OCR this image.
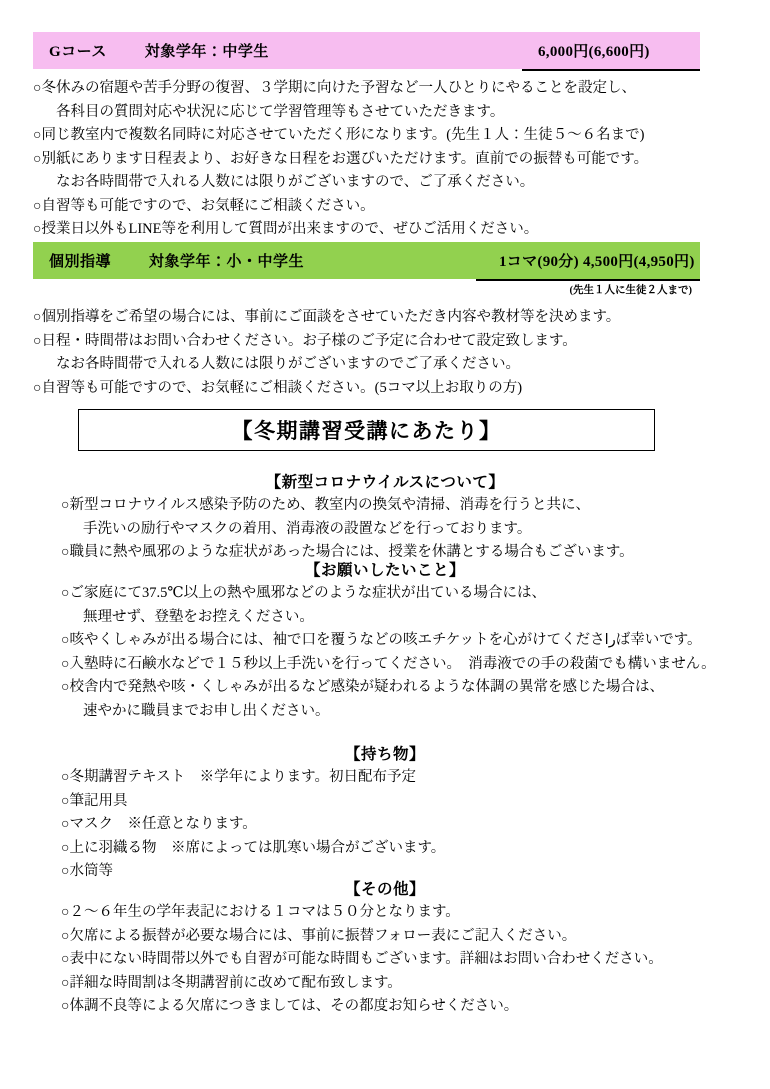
Gコース	対象学年：中学生	6,000円(6,600円)
○冬休みの宿題や苦手分野の復習、３学期に向けた予習など一人ひとりにやることを設定し、
各科目の質問対応や状況に応じて学習管理等もさせていただきます。
○同じ教室内で複数名同時に対応させていただく形になります。(先生１人：生徒５～６名まで)
○別紙にあります日程表より、お好きな日程をお選びいただけます。直前での振替も可能です。
なお各時間帯で入れる人数には限りがございますので、ご了承ください。
○自習等も可能ですので、お気軽にご相談ください。
○授業日以外もLINE等を利用して質問が出来ますので、ぜひご活用ください。
個別指導	対象学年：小・中学生	1コマ(90分) 4,500円(4,950円)
(先生１人に生徒２人まで)
○個別指導をご希望の場合には、事前にご面談をさせていただき内容や教材等を決めます。
○日程・時間帯はお問い合わせください。お子様のご予定に合わせて設定致します。
なお各時間帯で入れる人数には限りがございますのでご了承ください。
○自習等も可能ですので、お気軽にご相談ください。(5コマ以上お取りの方)
【冬期講習受講にあたり】
【新型コロナウイルスについて】
○新型コロナウイルス感染予防のため、教室内の換気や清掃、消毒を行うと共に、
手洗いの励行やマスクの着用、消毒液の設置などを行っております。
○職員に熱や風邪のような症状があった場合には、授業を休講とする場合もございます。
【お願いしたいこと】
○ご家庭にて37.5℃以上の熱や風邪などのような症状が出ている場合には、
無理せず、登塾をお控えください。
○咳やくしゃみが出る場合には、袖で口を覆うなどの咳エチケットを心がけてくださراば幸いです。
○入塾時に石鹸水などで１５秒以上手洗いを行ってください。　消毒液での手の殺菌でも構いません。
○校舎内で発熱や咳・くしゃみが出るなど感染が疑われるような体調の異常を感じた場合は、
速やかに職員までお申し出ください。
【持ち物】
○冬期講習テキスト　※学年によります。初日配布予定
○筆記用具
○マスク　※任意となります。
○上に羽織る物　※席によっては肌寒い場合がございます。
○水筒等
【その他】
○２～６年生の学年表記における１コマは５０分となります。
○欠席による振替が必要な場合には、事前に振替フォロー表にご記入ください。
○表中にない時間帯以外でも自習が可能な時間もございます。詳細はお問い合わせください。
○詳細な時間割は冬期講習前に改めて配布致します。
○体調不良等による欠席につきましては、その都度お知らせください。
